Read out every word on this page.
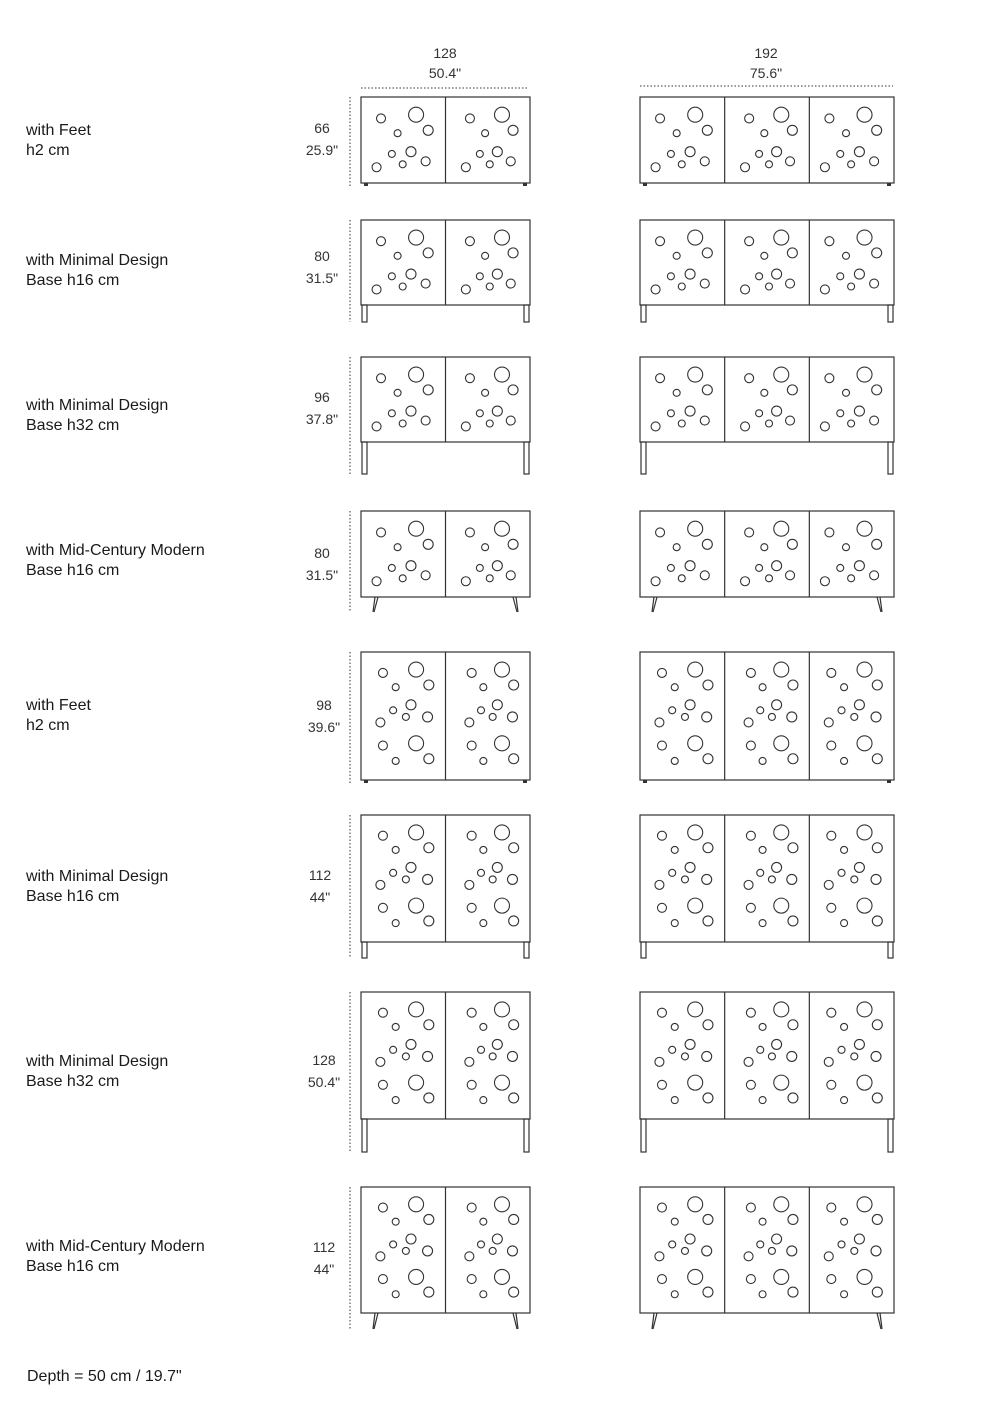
128
50.4"
192
75.6"
with Feet
h2 cm
with Minimal Design
Base h16 cm
with Minimal Design
Base h32 cm
with Mid-Century Modern
Base h16 cm
with Feet
h2 cm
with Minimal Design
Base h16 cm
with Minimal Design
Base h32 cm
with Mid-Century Modern
Base h16 cm
66
25.9"
80
31.5"
96
37.8"
80
31.5"
98
39.6"
112
44"
128
50.4"
112
44"
Depth = 50 cm / 19.7"
